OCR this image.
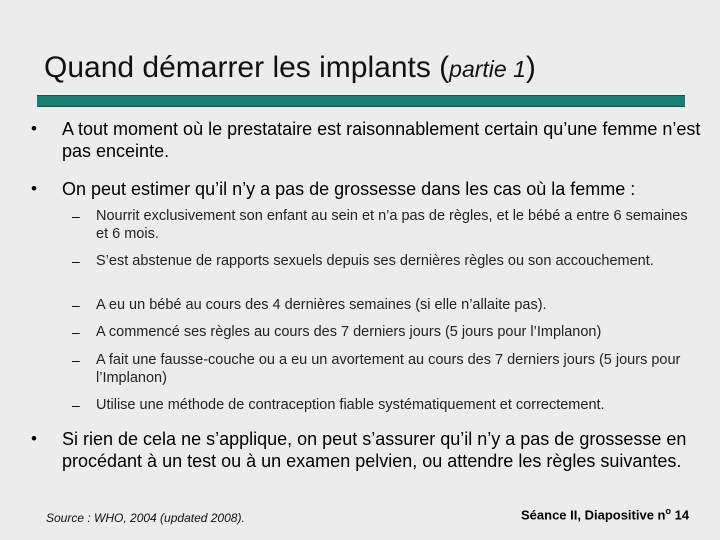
Quand démarrer les implants (partie 1)
• A tout moment où le prestataire est raisonnablement certain qu’une femme n’est pas enceinte.
• On peut estimer qu’il n’y a pas de grossesse dans les cas où la femme :
– Nourrit exclusivement son enfant au sein et n’a pas de règles, et le bébé a entre 6 semaines et 6 mois.
– S’est abstenue de rapports sexuels depuis ses dernières règles ou son accouchement.
– A eu un bébé au cours des 4 dernières semaines (si elle n’allaite pas).
– A commencé ses règles au cours des 7 derniers jours (5 jours pour l’Implanon)
– A fait une fausse-couche ou a eu un avortement au cours des 7 derniers jours (5 jours pour l’Implanon)
– Utilise une méthode de contraception fiable systématiquement et correctement.
• Si rien de cela ne s’applique, on peut s’assurer qu’il n’y a pas de grossesse en procédant à un test ou à un examen pelvien, ou attendre les règles suivantes.
Source : WHO, 2004 (updated 2008).	Séance II, Diapositive $n^o$ 14
